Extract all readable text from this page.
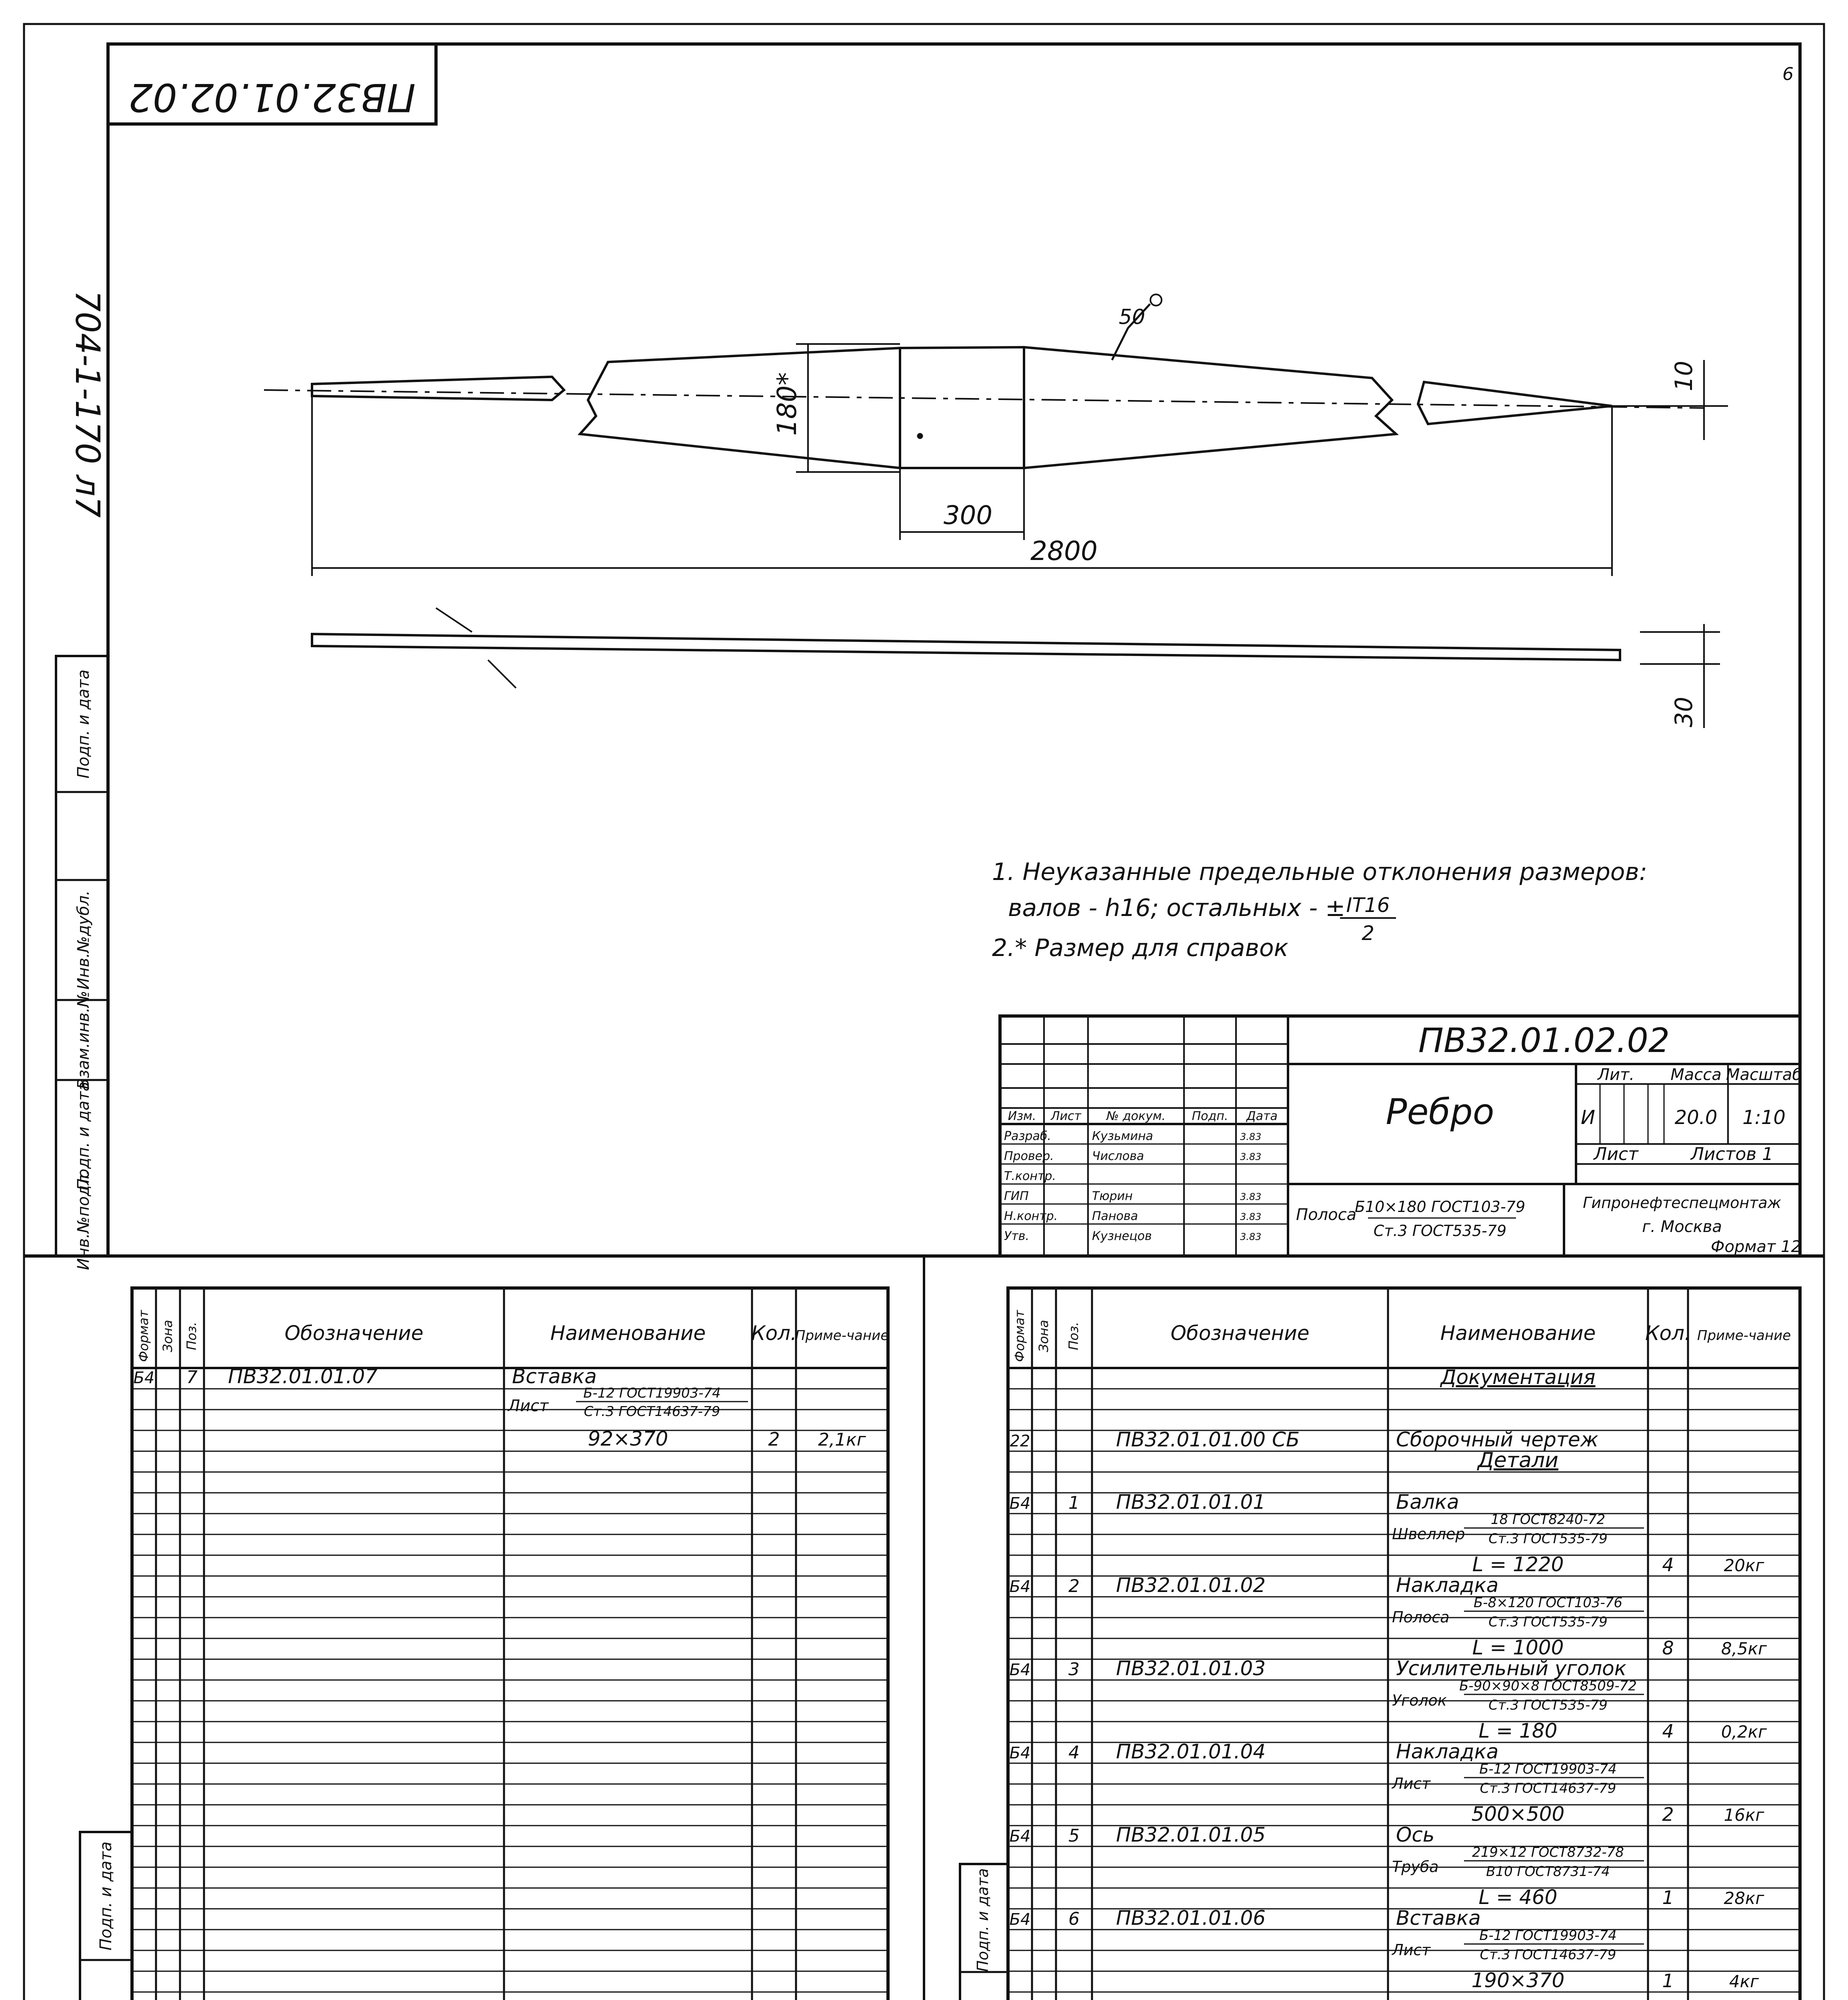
6
ПВ32.01.02.02
704-1-170 л7
Инв.№подл.
Подп. и дата
Взам.инв.№
Инв.№дубл.
Подп. и дата
180*
300
2800
10
50
30
1. Неуказанные предельные отклонения размеров:
валов - h16; остальных - ± IT16
2
2.* Размер для справок
ПВ32.01.02.02
Ребро
Лит. Масса Масштаб
И	20.0 1:10
Лист	Листов 1
Полоса
Б10×180 ГОСТ103-79
Ст.3 ГОСТ535-79
Гипронефтеспецмонтаж
г. Москва
Формат 12
Изм. Лист № докум. Подп. Дата
Разраб.	Кузьмина	3.83
Провер.	Числова	3.83
Т.контр.
ГИП	Тюрин	3.83
Н.контр.	Панова	3.83
Утв.	Кузнецов	3.83
Формат Зона Поз.	Обозначение	Наименование Кол.
Приме-чание
Б4 7 ПВ32.01.01.07	Вставка
Лист
Б-12 ГОСТ19903-74
Ст.3 ГОСТ14637-79
92×370	2 2,1кг
Подп. и дата
Формат Зона Поз.	Обозначение	Наименование Кол. Приме-чание
Документация
22	ПВ32.01.01.00 СБ	Сборочный чертеж
Детали
Б4 1 ПВ32.01.01.01	Балка
Швеллер
18 ГОСТ8240-72
Ст.3 ГОСТ535-79
L = 1220	4	20кг
Б4 2 ПВ32.01.01.02	Накладка
Полоса
Б-8×120 ГОСТ103-76
Ст.3 ГОСТ535-79
L = 1000	8	8,5кг
Б4 3 ПВ32.01.01.03	Усилительный уголок
Уголок
Б-90×90×8 ГОСТ8509-72
Ст.3 ГОСТ535-79
L = 180	4	0,2кг
Б4 4 ПВ32.01.01.04	Накладка
Лист
Б-12 ГОСТ19903-74
Ст.3 ГОСТ14637-79
500×500	2	16кг
Б4 5 ПВ32.01.01.05	Ось
Труба
219×12 ГОСТ8732-78
В10 ГОСТ8731-74
L = 460	1	28кг
Б4 6 ПВ32.01.01.06	Вставка
Лист
Б-12 ГОСТ19903-74
Ст.3 ГОСТ14637-79
190×370	1	4кг
Подп. и дата
